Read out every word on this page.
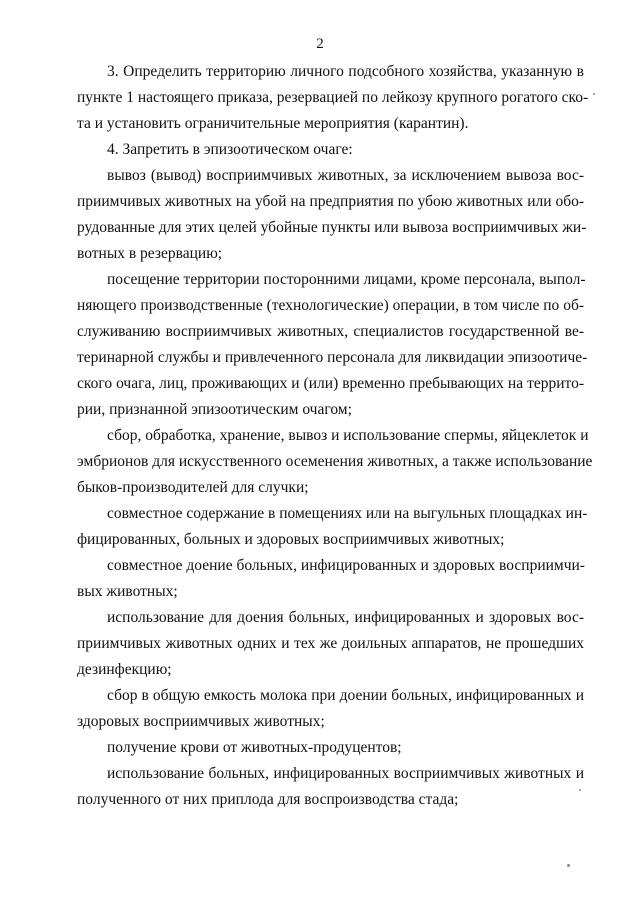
2
3. Определить территорию личного подсобного хозяйства, указанную в
пункте 1 настоящего приказа, резервацией по лейкозу крупного рогатого ско-
та и установить ограничительные мероприятия (карантин).
4. Запретить в эпизоотическом очаге:
вывоз (вывод) восприимчивых животных, за исключением вывоза вос-
приимчивых животных на убой на предприятия по убою животных или обо-
рудованные для этих целей убойные пункты или вывоза восприимчивых жи-
вотных в резервацию;
посещение территории посторонними лицами, кроме персонала, выпол-
няющего производственные (технологические) операции, в том числе по об-
служиванию восприимчивых животных, специалистов государственной ве-
теринарной службы и привлеченного персонала для ликвидации эпизоотиче-
ского очага, лиц, проживающих и (или) временно пребывающих на террито-
рии, признанной эпизоотическим очагом;
сбор, обработка, хранение, вывоз и использование спермы, яйцеклеток и
эмбрионов для искусственного осеменения животных, а также использование
быков-производителей для случки;
совместное содержание в помещениях или на выгульных площадках ин-
фицированных, больных и здоровых восприимчивых животных;
совместное доение больных, инфицированных и здоровых восприимчи-
вых животных;
использование для доения больных, инфицированных и здоровых вос-
приимчивых животных одних и тех же доильных аппаратов, не прошедших
дезинфекцию;
сбор в общую емкость молока при доении больных, инфицированных и
здоровых восприимчивых животных;
получение крови от животных-продуцентов;
использование больных, инфицированных восприимчивых животных и
полученного от них приплода для воспроизводства стада;
